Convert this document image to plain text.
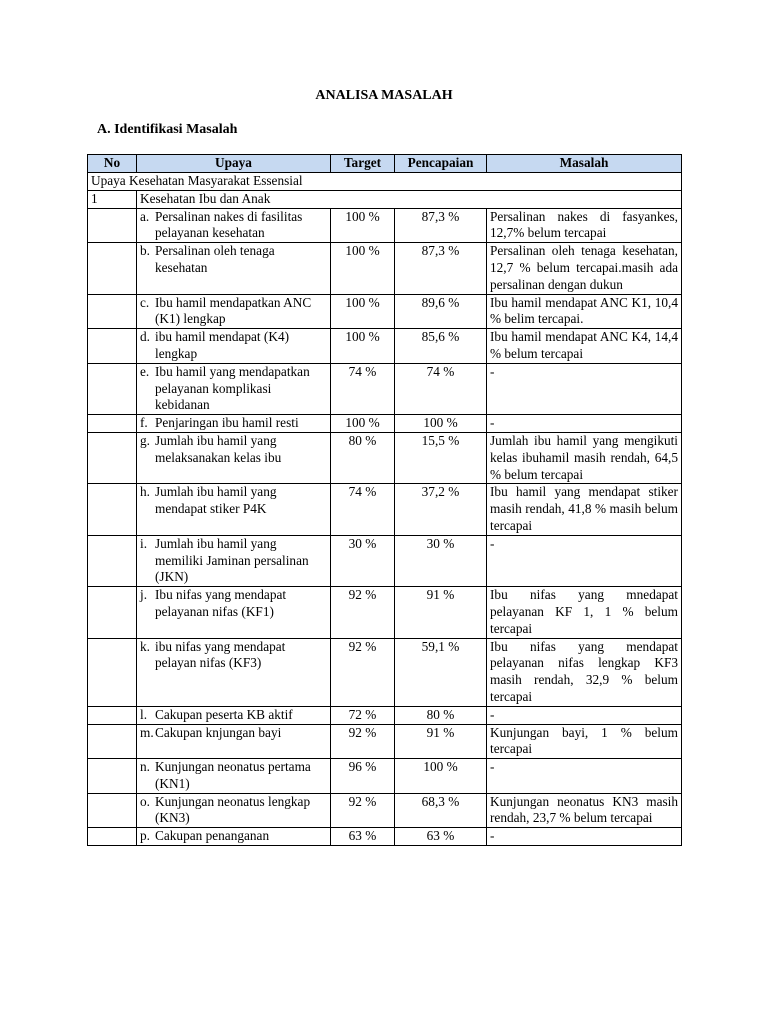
ANALISA MASALAH
A. Identifikasi Masalah
No	Upaya	Target	Pencapaian	Masalah
Upaya Kesehatan Masyarakat Essensial				
1	Kesehatan Ibu dan Anak			

	a. Persalinan nakes di fasilitas pelayanan kesehatan	100 %	87,3 %	Persalinan nakes di fasyankes, 12,7% belum tercapai

	b. Persalinan oleh tenaga kesehatan	100 %	87,3 %	Persalinan oleh tenaga kesehatan, 12,7 % belum tercapai.masih ada persalinan dengan dukun

	c. Ibu hamil mendapatkan ANC (K1) lengkap	100 %	89,6 %	Ibu hamil mendapat ANC K1, 10,4 % belim tercapai.

	d. ibu hamil mendapat (K4) lengkap	100 %	85,6 %	Ibu hamil mendapat ANC K4, 14,4 % belum tercapai

	e. Ibu hamil yang mendapatkan pelayanan komplikasi kebidanan	74 %	74 %	-

	f. Penjaringan ibu hamil resti	100 %	100 %	-

	g. Jumlah ibu hamil yang melaksanakan kelas ibu	80 %	15,5 %	Jumlah ibu hamil yang mengikuti kelas ibuhamil masih rendah, 64,5 % belum tercapai

	h. Jumlah ibu hamil yang mendapat stiker P4K	74 %	37,2 %	Ibu hamil yang mendapat stiker masih rendah, 41,8 % masih belum tercapai

	i. Jumlah ibu hamil yang memiliki Jaminan persalinan (JKN)	30 %	30 %	-

	j. Ibu nifas yang mendapat pelayanan nifas (KF1)	92 %	91 %	Ibu nifas yang mnedapat pelayanan KF 1, 1 % belum tercapai

	k. ibu nifas yang mendapat pelayan nifas (KF3)	92 %	59,1 %	Ibu nifas yang mendapat pelayanan nifas lengkap KF3 masih rendah, 32,9 % belum tercapai

	l. Cakupan peserta KB aktif	72 %	80 %	-

	m. Cakupan knjungan bayi	92 %	91 %	Kunjungan bayi, 1 % belum tercapai

	n. Kunjungan neonatus pertama (KN1)	96 %	100 %	-

	o. Kunjungan neonatus lengkap (KN3)	92 %	68,3 %	Kunjungan neonatus KN3 masih rendah, 23,7 % belum tercapai

	p. Cakupan penanganan	63 %	63 %	-
